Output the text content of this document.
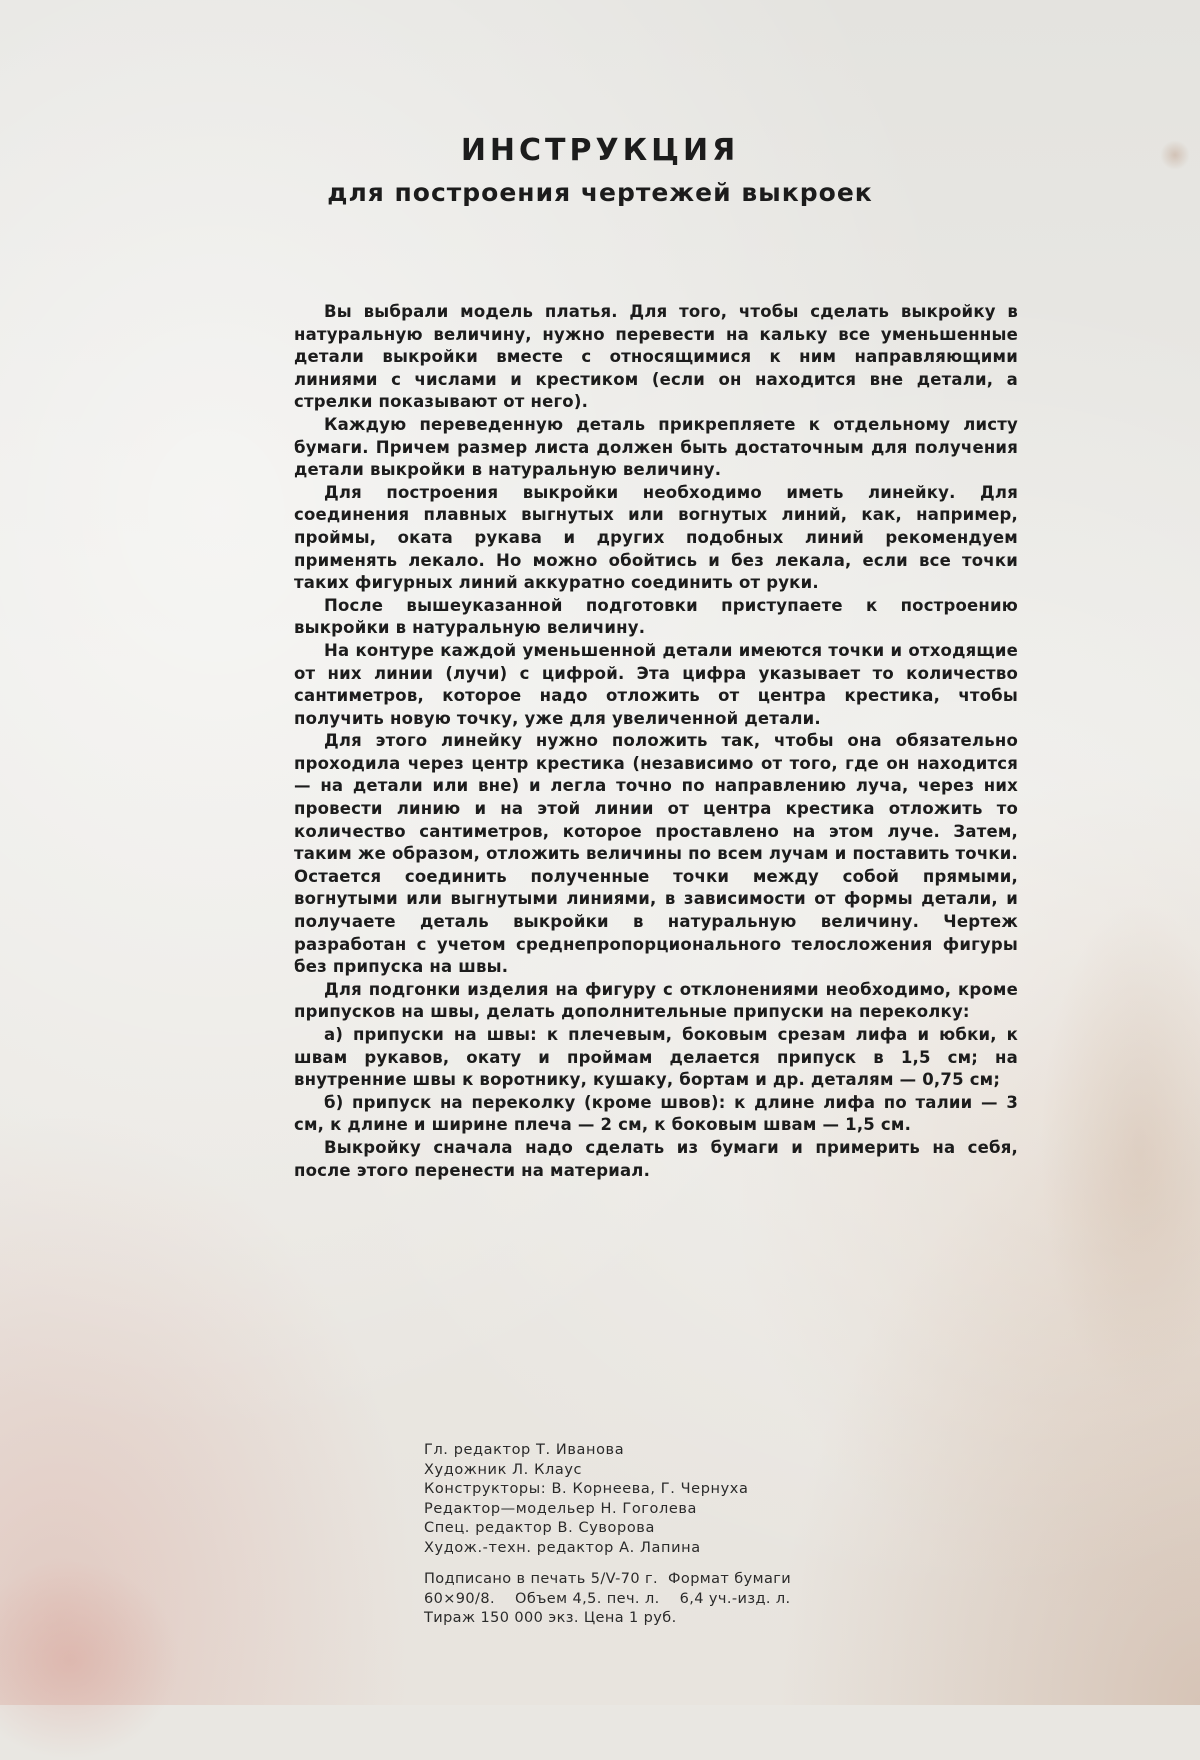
ИНСТРУКЦИЯ
для построения чертежей выкроек

Вы выбрали модель платья. Для того, чтобы сделать выкройку в натуральную величину, нужно перевести на кальку все уменьшенные детали выкройки вместе с относящимися к ним направляющими линиями с числами и крестиком (если он находится вне детали, а стрелки показывают от него).

Каждую переведенную деталь прикрепляете к отдельному листу бумаги. Причем размер листа должен быть достаточным для получения детали выкройки в натуральную величину.

Для построения выкройки необходимо иметь линейку. Для соединения плавных выгнутых или вогнутых линий, как, например, проймы, оката рукава и других подобных линий рекомендуем применять лекало. Но можно обойтись и без лекала, если все точки таких фигурных линий аккуратно соединить от руки.

После вышеуказанной подготовки приступаете к построению выкройки в натуральную величину.

На контуре каждой уменьшенной детали имеются точки и отходящие от них линии (лучи) с цифрой. Эта цифра указывает то количество сантиметров, которое надо отложить от центра крестика, чтобы получить новую точку, уже для увеличенной детали.

Для этого линейку нужно положить так, чтобы она обязательно проходила через центр крестика (независимо от того, где он находится — на детали или вне) и легла точно по направлению луча, через них провести линию и на этой линии от центра крестика отложить то количество сантиметров, которое проставлено на этом луче. Затем, таким же образом, отложить величины по всем лучам и поставить точки. Остается соединить полученные точки между собой прямыми, вогнутыми или выгнутыми линиями, в зависимости от формы детали, и получаете деталь выкройки в натуральную величину. Чертеж разработан с учетом среднепропорционального телосложения фигуры без припуска на швы.

Для подгонки изделия на фигуру с отклонениями необходимо, кроме припусков на швы, делать дополнительные припуски на переколку:

а) припуски на швы: к плечевым, боковым срезам лифа и юбки, к швам рукавов, окату и проймам делается припуск в 1,5 см; на внутренние швы к воротнику, кушаку, бортам и др. деталям — 0,75 см;

б) припуск на переколку (кроме швов): к длине лифа по талии — 3 см, к длине и ширине плеча — 2 см, к боковым швам — 1,5 см.

Выкройку сначала надо сделать из бумаги и примерить на себя, после этого перенести на материал.

Гл. редактор Т. Иванова
Художник Л. Клаус
Конструкторы: В. Корнеева, Г. Чернуха
Редактор—модельер Н. Гоголева
Спец. редактор В. Суворова
Худож.-техн. редактор А. Лапина
Подписано в печать 5/V-70 г.  Формат бумаги
60×90/8.    Объем 4,5. печ. л.    6,4 уч.-изд. л.
Тираж 150 000 экз. Цена 1 руб.
